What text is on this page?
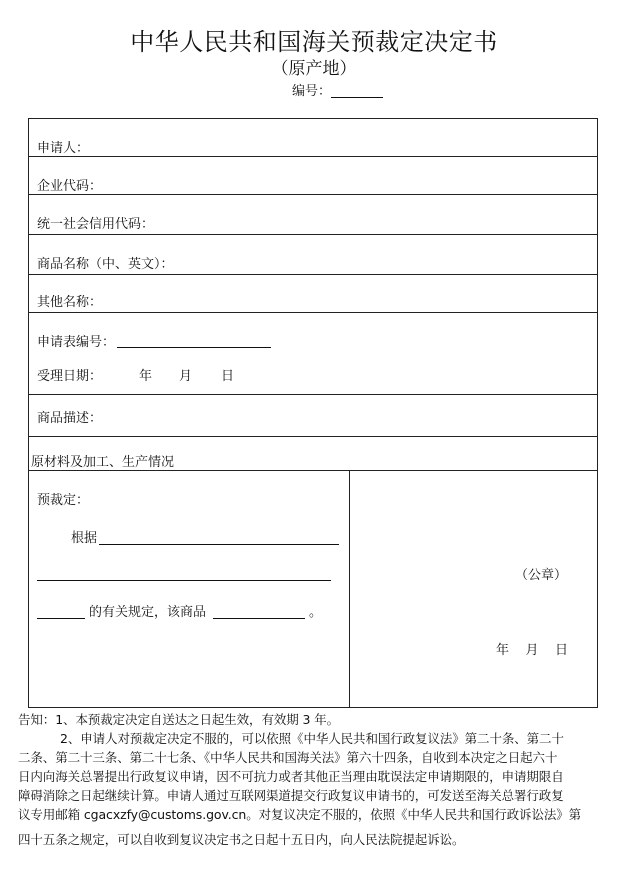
中华人民共和国海关预裁定决定书
（原产地）
编号：
申请人：
企业代码：
统一社会信用代码：
商品名称（中、英文）：
其他名称：
申请表编号：
受理日期：	年 月 日
商品描述：
原材料及加工、生产情况
预裁定：
根据
的有关规定，该商品	。
（公章）
年    月    日
告知：1、本预裁定决定自送达之日起生效，有效期 3 年。
2、申请人对预裁定决定不服的，可以依照《中华人民共和国行政复议法》第二十条、第二十
二条、第二十三条、第二十七条、《中华人民共和国海关法》第六十四条，自收到本决定之日起六十
日内向海关总署提出行政复议申请，因不可抗力或者其他正当理由耽误法定申请期限的，申请期限自
障碍消除之日起继续计算。申请人通过互联网渠道提交行政复议申请书的，可发送至海关总署行政复
议专用邮箱 cgacxzfy@customs.gov.cn。对复议决定不服的，依照《中华人民共和国行政诉讼法》第
四十五条之规定，可以自收到复议决定书之日起十五日内，向人民法院提起诉讼。
